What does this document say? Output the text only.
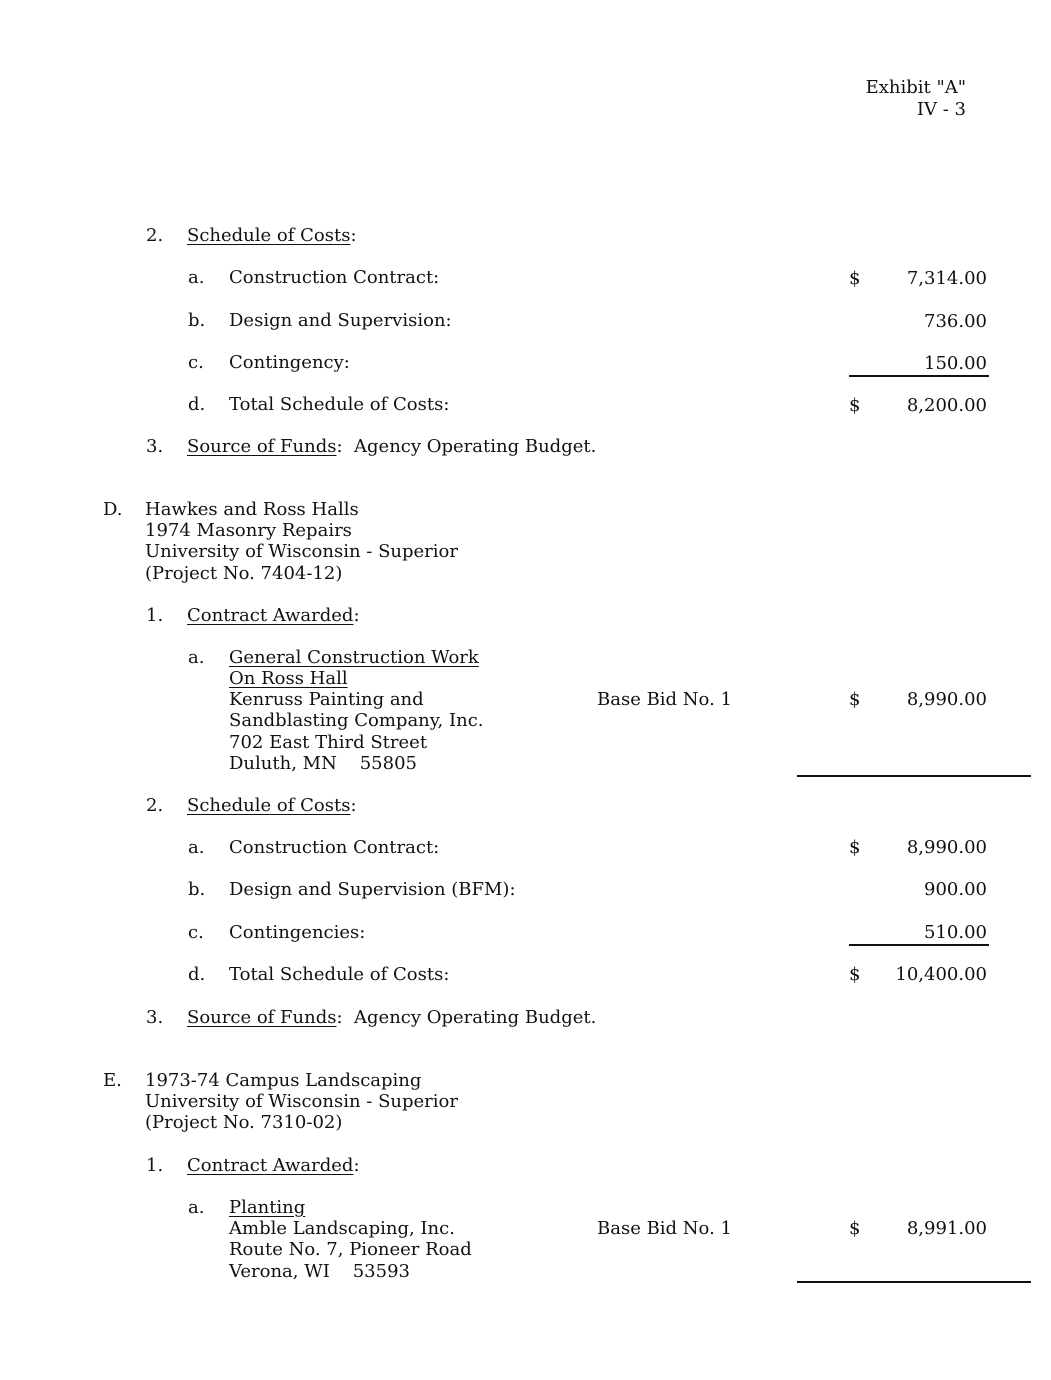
Exhibit "A"
IV - 3
2. Schedule of Costs:
a. Construction Contract:	$	7,314.00
b. Design and Supervision:	736.00
c. Contingency:	150.00
d. Total Schedule of Costs:	$	8,200.00
3. Source of Funds: Agency Operating Budget.
D. Hawkes and Ross Halls
1974 Masonry Repairs
University of Wisconsin - Superior
(Project No. 7404-12)
1. Contract Awarded:
a. General Construction Work
On Ross Hall
Kenruss Painting and
Sandblasting Company, Inc.
702 East Third Street
Duluth, MN    55805
Base Bid No. 1	$	8,990.00
2. Schedule of Costs:
a. Construction Contract:	$	8,990.00
b. Design and Supervision (BFM):	900.00
c. Contingencies:	510.00
d. Total Schedule of Costs:	$ 10,400.00
3. Source of Funds: Agency Operating Budget.
E. 1973-74 Campus Landscaping
University of Wisconsin - Superior
(Project No. 7310-02)
1. Contract Awarded:
a. Planting
Amble Landscaping, Inc.
Route No. 7, Pioneer Road
Verona, WI    53593
Base Bid No. 1	$	8,991.00
